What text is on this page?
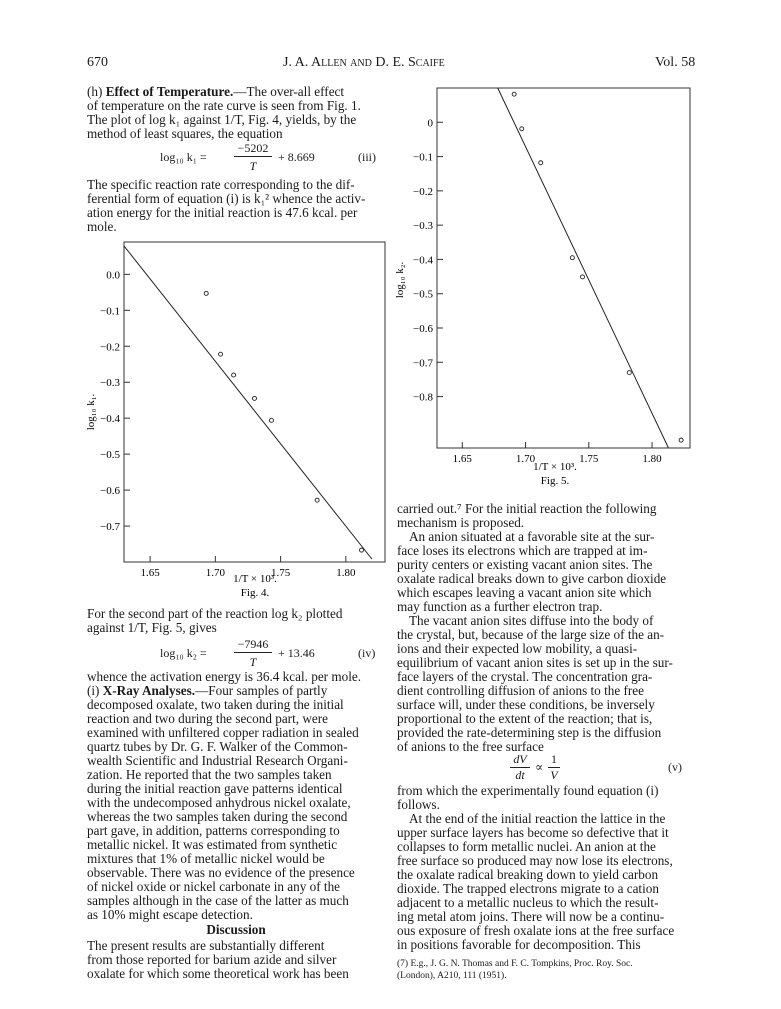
670	J. A. Allen and D. E. Scaife	Vol. 58
(h) Effect of Temperature.—The over-all effect
of temperature on the rate curve is seen from Fig. 1.
The plot of log k₁ against 1/T, Fig. 4, yields, by the
method of least squares, the equation
log₁₀ k₁ =
−5202
T
+ 8.669	(iii)
The specific reaction rate corresponding to the dif-
ferential form of equation (i) is k₁² whence the activ-
ation energy for the initial reaction is 47.6 kcal. per
mole.
1.65	1.70	1.75	1.80
0.0
−0.1
−0.2
−0.3
−0.4
−0.5
−0.6
−0.7
log₁₀ k₁.
1/T × 10³.
Fig. 4.
For the second part of the reaction log k₂ plotted
against 1/T, Fig. 5, gives
log₁₀ k₂ =
−7946
T
+ 13.46	(iv)
whence the activation energy is 36.4 kcal. per mole.
(i) X-Ray Analyses.—Four samples of partly
decomposed oxalate, two taken during the initial
reaction and two during the second part, were
examined with unfiltered copper radiation in sealed
quartz tubes by Dr. G. F. Walker of the Common-
wealth Scientific and Industrial Research Organi-
zation. He reported that the two samples taken
during the initial reaction gave patterns identical
with the undecomposed anhydrous nickel oxalate,
whereas the two samples taken during the second
part gave, in addition, patterns corresponding to
metallic nickel. It was estimated from synthetic
mixtures that 1% of metallic nickel would be
observable. There was no evidence of the presence
of nickel oxide or nickel carbonate in any of the
samples although in the case of the latter as much
as 10% might escape detection.
Discussion
The present results are substantially different
from those reported for barium azide and silver
oxalate for which some theoretical work has been
1.65	1.70	1.75	1.80
0
−0.1
−0.2
−0.3
−0.4
−0.5
−0.6
−0.7
−0.8
log₁₀ k₂.
1/T × 10³.
Fig. 5.
carried out.⁷ For the initial reaction the following
mechanism is proposed.
An anion situated at a favorable site at the sur-
face loses its electrons which are trapped at im-
purity centers or existing vacant anion sites. The
oxalate radical breaks down to give carbon dioxide
which escapes leaving a vacant anion site which
may function as a further electron trap.
The vacant anion sites diffuse into the body of
the crystal, but, because of the large size of the an-
ions and their expected low mobility, a quasi-
equilibrium of vacant anion sites is set up in the sur-
face layers of the crystal. The concentration gra-
dient controlling diffusion of anions to the free
surface will, under these conditions, be inversely
proportional to the extent of the reaction; that is,
provided the rate-determining step is the diffusion
of anions to the free surface
dV
dt
∝
1
V
(v)
from which the experimentally found equation (i)
follows.
At the end of the initial reaction the lattice in the
upper surface layers has become so defective that it
collapses to form metallic nuclei. An anion at the
free surface so produced may now lose its electrons,
the oxalate radical breaking down to yield carbon
dioxide. The trapped electrons migrate to a cation
adjacent to a metallic nucleus to which the result-
ing metal atom joins. There will now be a continu-
ous exposure of fresh oxalate ions at the free surface
in positions favorable for decomposition. This
(7) E.g., J. G. N. Thomas and F. C. Tompkins, Proc. Roy. Soc.
(London), A210, 111 (1951).
